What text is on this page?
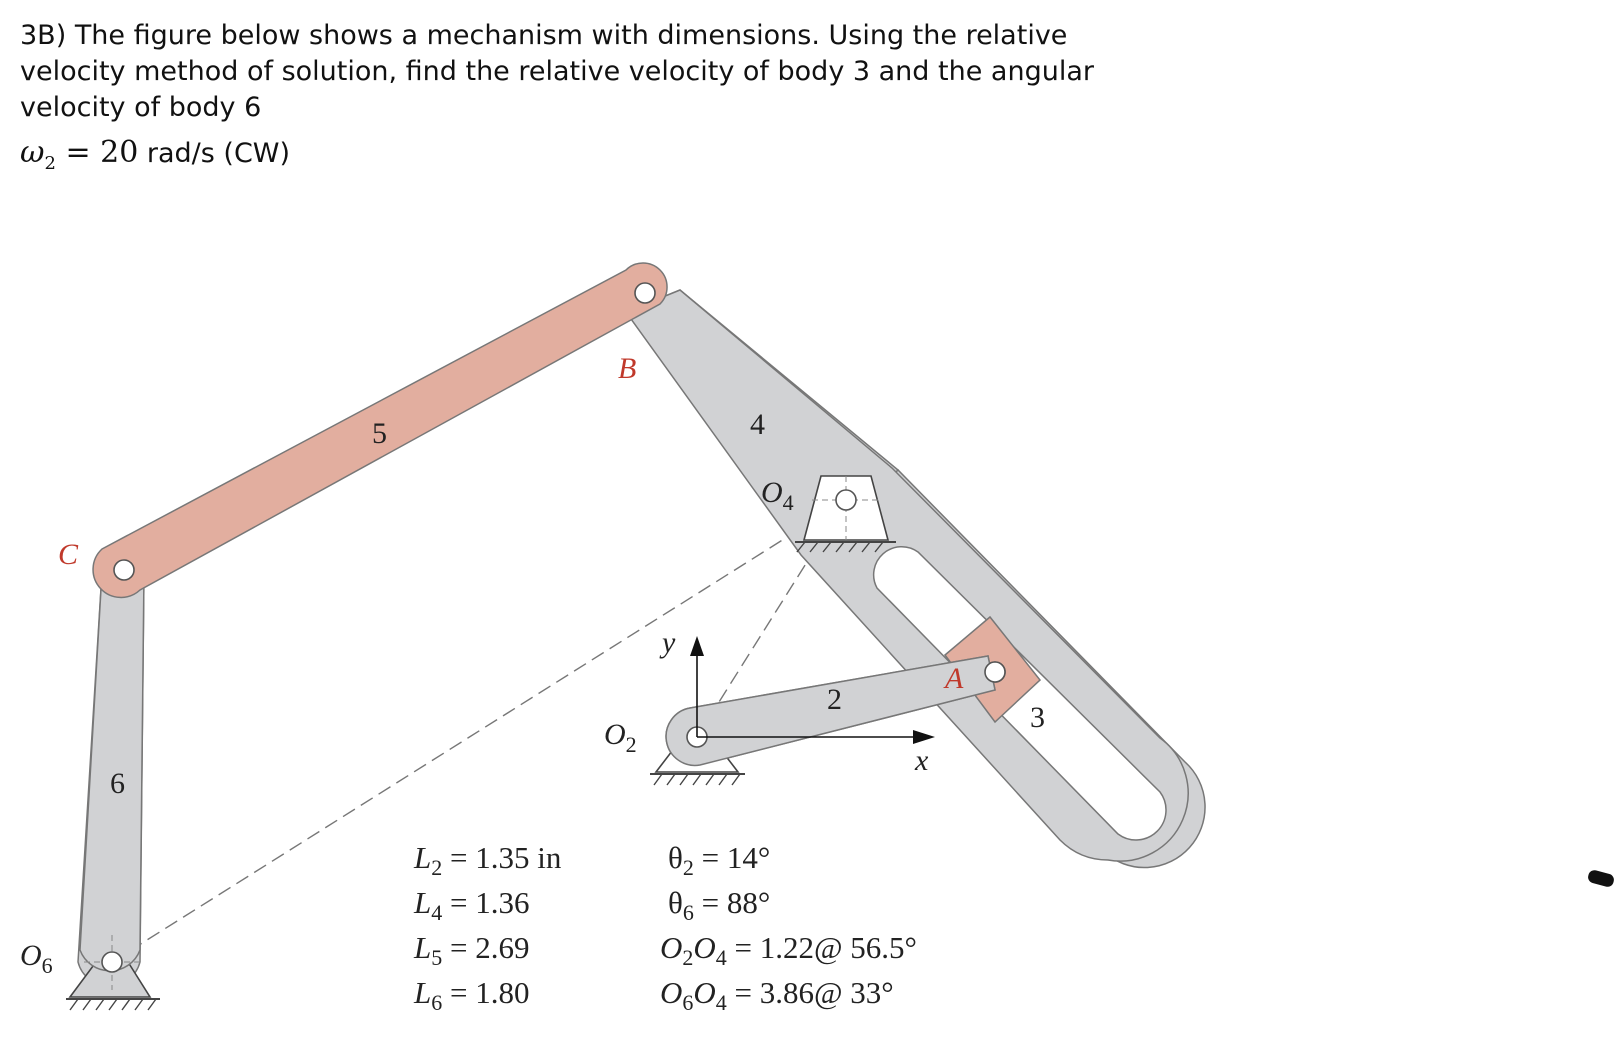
3B) The figure below shows a mechanism with dimensions. Using the relative velocity method of solution, find the relative velocity of body 3 and the angular velocity of body 6
$\omega_2 = 20$ rad/s (CW)
5	4
2
3
6
B
C
A
$O_4$
$O_2$
$O_6$
y
x
$L_2 = 1.35$ in
$L_4 = 1.36$
$L_5 = 2.69$
$L_6 = 1.80$
$\theta_2 = 14^\circ$
$\theta_6 = 88^\circ$
$O_2O_4$ = 1.22@ 56.5°
$O_6O_4$ = 3.86@ 33°
